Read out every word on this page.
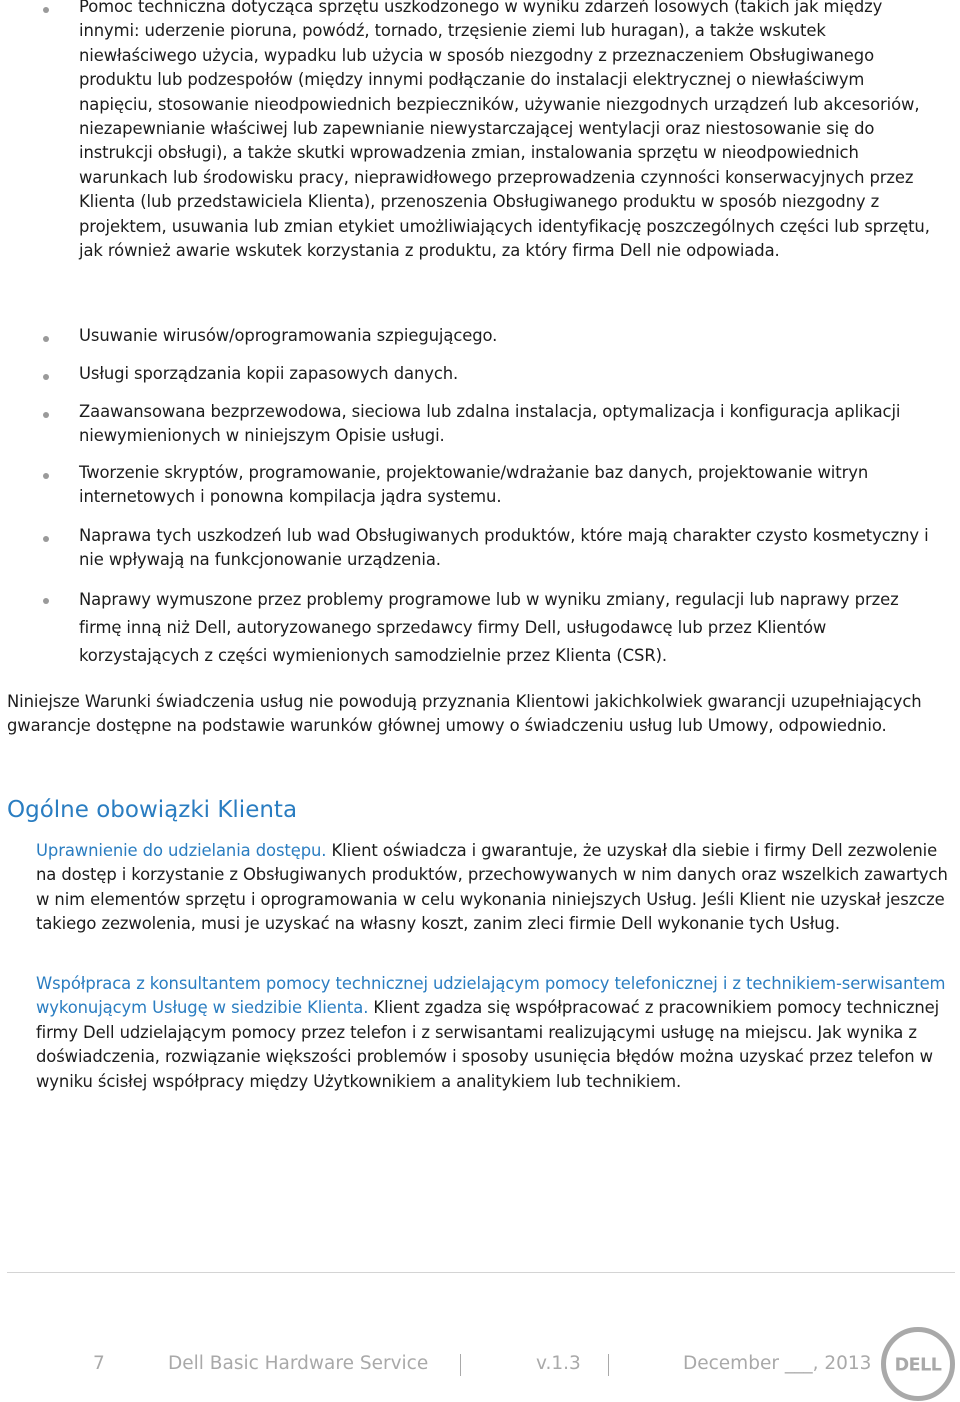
Pomoc techniczna dotycząca sprzętu uszkodzonego w wyniku zdarzeń losowych (takich jak między innymi: uderzenie pioruna, powódź, tornado, trzęsienie ziemi lub huragan), a także wskutek niewłaściwego użycia, wypadku lub użycia w sposób niezgodny z przeznaczeniem Obsługiwanego produktu lub podzespołów (między innymi podłączanie do instalacji elektrycznej o niewłaściwym napięciu, stosowanie nieodpowiednich bezpieczników, używanie niezgodnych urządzeń lub akcesoriów, niezapewnianie właściwej lub zapewnianie niewystarczającej wentylacji oraz niestosowanie się do instrukcji obsługi), a także skutki wprowadzenia zmian, instalowania sprzętu w nieodpowiednich warunkach lub środowisku pracy, nieprawidłowego przeprowadzenia czynności konserwacyjnych przez Klienta (lub przedstawiciela Klienta), przenoszenia Obsługiwanego produktu w sposób niezgodny z projektem, usuwania lub zmian etykiet umożliwiających identyfikację poszczególnych części lub sprzętu, jak również awarie wskutek korzystania z produktu, za który firma Dell nie odpowiada.

Usuwanie wirusów/oprogramowania szpiegującego.

Usługi sporządzania kopii zapasowych danych.

Zaawansowana bezprzewodowa, sieciowa lub zdalna instalacja, optymalizacja i konfiguracja aplikacji niewymienionych w niniejszym Opisie usługi.

Tworzenie skryptów, programowanie, projektowanie/wdrażanie baz danych, projektowanie witryn internetowych i ponowna kompilacja jądra systemu.

Naprawa tych uszkodzeń lub wad Obsługiwanych produktów, które mają charakter czysto kosmetyczny i nie wpływają na funkcjonowanie urządzenia.

Naprawy wymuszone przez problemy programowe lub w wyniku zmiany, regulacji lub naprawy przez firmę inną niż Dell, autoryzowanego sprzedawcy firmy Dell, usługodawcę lub przez Klientów korzystających z części wymienionych samodzielnie przez Klienta (CSR).

Niniejsze Warunki świadczenia usług nie powodują przyznania Klientowi jakichkolwiek gwarancji uzupełniających gwarancje dostępne na podstawie warunków głównej umowy o świadczeniu usług lub Umowy, odpowiednio.

Ogólne obowiązki Klienta

Uprawnienie do udzielania dostępu. Klient oświadcza i gwarantuje, że uzyskał dla siebie i firmy Dell zezwolenie na dostęp i korzystanie z Obsługiwanych produktów, przechowywanych w nim danych oraz wszelkich zawartych w nim elementów sprzętu i oprogramowania w celu wykonania niniejszych Usług. Jeśli Klient nie uzyskał jeszcze takiego zezwolenia, musi je uzyskać na własny koszt, zanim zleci firmie Dell wykonanie tych Usług.

Współpraca z konsultantem pomocy technicznej udzielającym pomocy telefonicznej i z technikiem-serwisantem wykonującym Usługę w siedzibie Klienta. Klient zgadza się współpracować z pracownikiem pomocy technicznej firmy Dell udzielającym pomocy przez telefon i z serwisantami realizującymi usługę na miejscu. Jak wynika z doświadczenia, rozwiązanie większości problemów i sposoby usunięcia błędów można uzyskać przez telefon w wyniku ścisłej współpracy między Użytkownikiem a analitykiem lub technikiem.

7	Dell Basic Hardware Service	v.1.3	December ___, 2013 DELL
